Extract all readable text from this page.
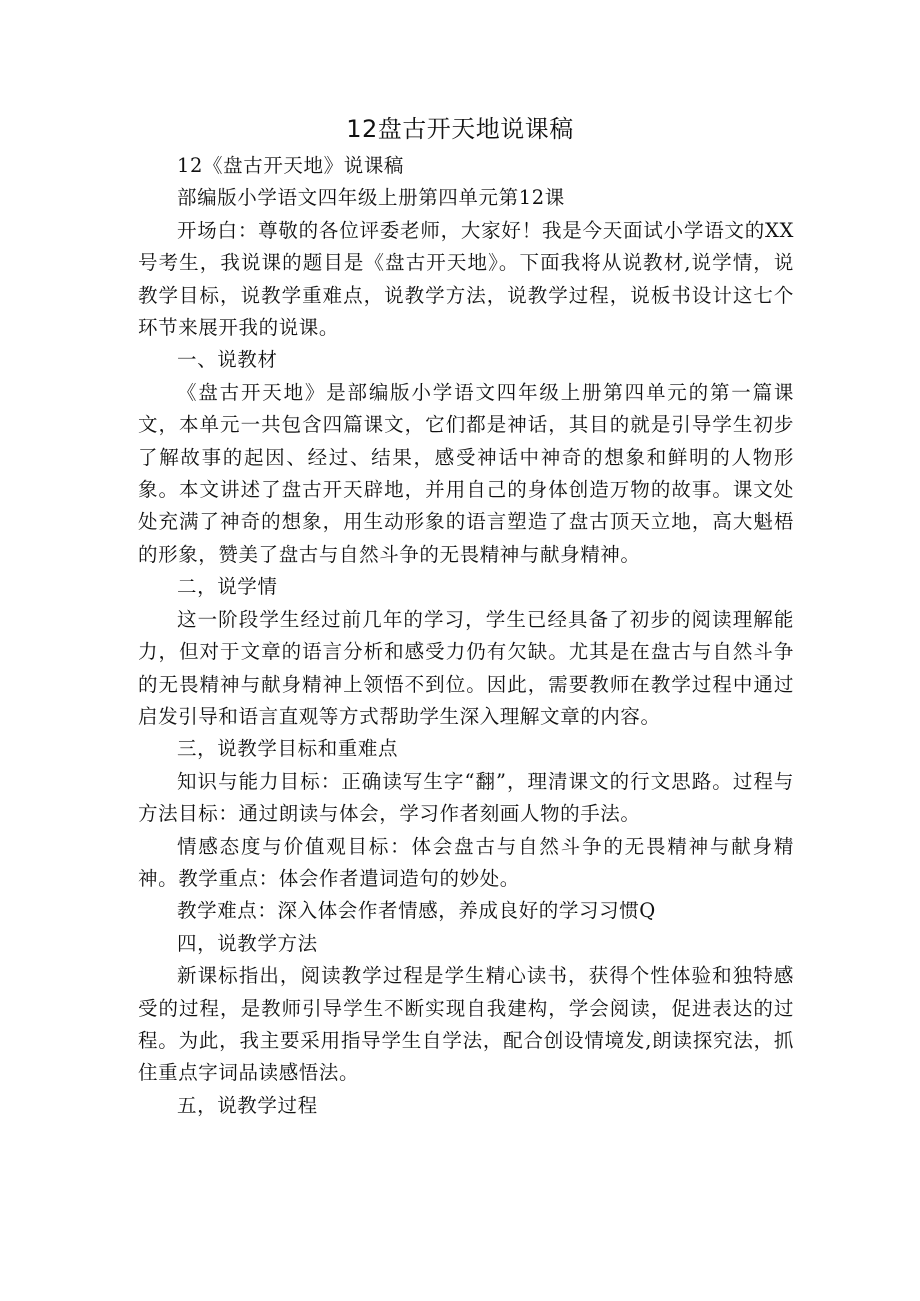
12盘古开天地说课稿

12《盘古开天地》说课稿

部编版小学语文四年级上册第四单元第12课

开场白：尊敬的各位评委老师，大家好！我是今天面试小学语文的XX号考生，我说课的题目是《盘古开天地》。下面我将从说教材,说学情，说教学目标，说教学重难点，说教学方法，说教学过程，说板书设计这七个环节来展开我的说课。

一、说教材

《盘古开天地》是部编版小学语文四年级上册第四单元的第一篇课文，本单元一共包含四篇课文，它们都是神话，其目的就是引导学生初步了解故事的起因、经过、结果，感受神话中神奇的想象和鲜明的人物形象。本文讲述了盘古开天辟地，并用自己的身体创造万物的故事。课文处处充满了神奇的想象，用生动形象的语言塑造了盘古顶天立地，高大魁梧的形象，赞美了盘古与自然斗争的无畏精神与献身精神。

二，说学情

这一阶段学生经过前几年的学习，学生已经具备了初步的阅读理解能力，但对于文章的语言分析和感受力仍有欠缺。尤其是在盘古与自然斗争的无畏精神与献身精神上领悟不到位。因此，需要教师在教学过程中通过启发引导和语言直观等方式帮助学生深入理解文章的内容。

三，说教学目标和重难点

知识与能力目标：正确读写生字“翻”，理清课文的行文思路。过程与方法目标：通过朗读与体会，学习作者刻画人物的手法。

情感态度与价值观目标：体会盘古与自然斗争的无畏精神与献身精神。教学重点：体会作者遣词造句的妙处。

教学难点：深入体会作者情感，养成良好的学习习惯Q

四，说教学方法

新课标指出，阅读教学过程是学生精心读书，获得个性体验和独特感受的过程，是教师引导学生不断实现自我建构，学会阅读，促进表达的过程。为此，我主要采用指导学生自学法，配合创设情境发,朗读探究法，抓住重点字词品读感悟法。

五，说教学过程
